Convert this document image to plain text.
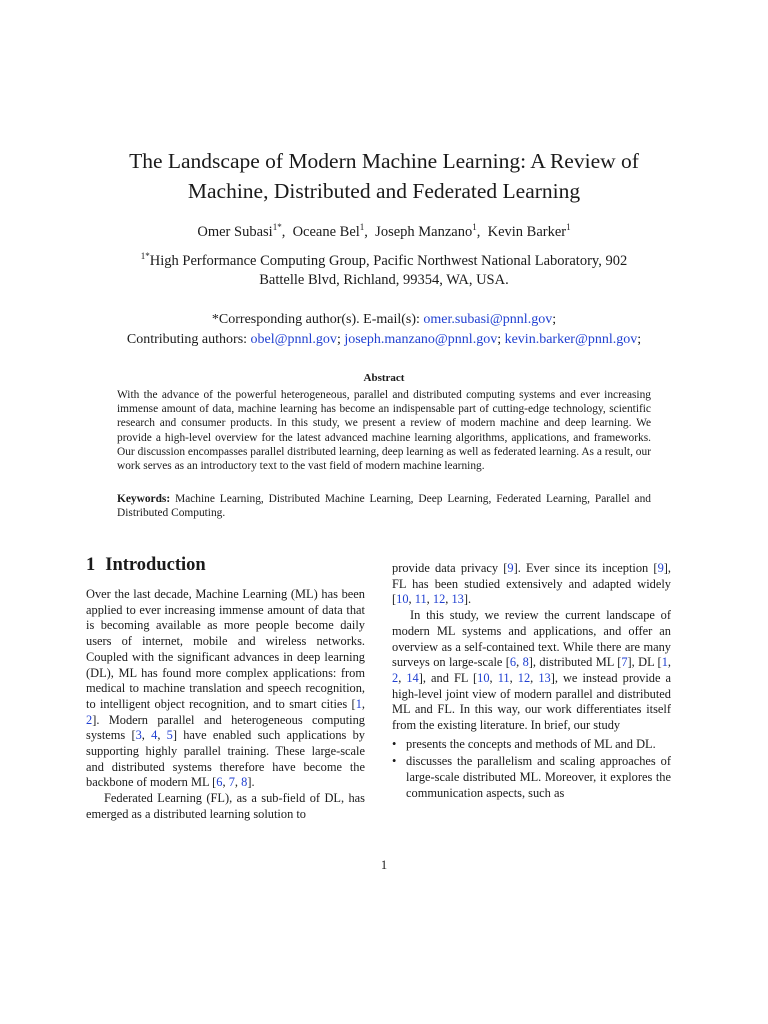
The Landscape of Modern Machine Learning: A Review of
Machine, Distributed and Federated Learning
Omer Subasi$^{1*}$,  Oceane Bel$^1$,  Joseph Manzano$^1$,  Kevin Barker$^1$
$^{1*}$High Performance Computing Group, Pacific Northwest National Laboratory, 902
Battelle Blvd, Richland, 99354, WA, USA.
*Corresponding author(s). E-mail(s): omer.subasi@pnnl.gov;
Contributing authors: obel@pnnl.gov; joseph.manzano@pnnl.gov; kevin.barker@pnnl.gov;
Abstract
With the advance of the powerful heterogeneous, parallel and distributed computing systems and ever increasing immense amount of data, machine learning has become an indispensable part of cutting-edge technology, scientific research and consumer products. In this study, we present a review of modern machine and deep learning. We provide a high-level overview for the latest advanced machine learning algorithms, applications, and frameworks. Our discussion encompasses parallel distributed learning, deep learning as well as federated learning. As a result, our work serves as an introductory text to the vast field of modern machine learning.
Keywords: Machine Learning, Distributed Machine Learning, Deep Learning, Federated Learning, Parallel and Distributed Computing.
1 Introduction

Over the last decade, Machine Learning (ML) has been applied to ever increasing immense amount of data that is becoming available as more people become daily users of internet, mobile and wireless networks. Coupled with the significant advances in deep learning (DL), ML has found more complex applications: from medical to machine translation and speech recognition, to intelligent object recognition, and to smart cities [1, 2]. Modern parallel and heterogeneous computing systems [3, 4, 5] have enabled such applications by supporting highly parallel training. These large-scale and distributed systems therefore have become the backbone of modern ML [6, 7, 8].

Federated Learning (FL), as a sub-field of DL, has emerged as a distributed learning solution to

provide data privacy [9]. Ever since its inception [9], FL has been studied extensively and adapted widely [10, 11, 12, 13].

In this study, we review the current landscape of modern ML systems and applications, and offer an overview as a self-contained text. While there are many surveys on large-scale [6, 8], distributed ML [7], DL [1, 2, 14], and FL [10, 11, 12, 13], we instead provide a high-level joint view of modern parallel and distributed ML and FL. In this way, our work differentiates itself from the existing literature. In brief, our study

• presents the concepts and methods of ML and DL.
• discusses the parallelism and scaling approaches of large-scale distributed ML. Moreover, it explores the communication aspects, such as
1
